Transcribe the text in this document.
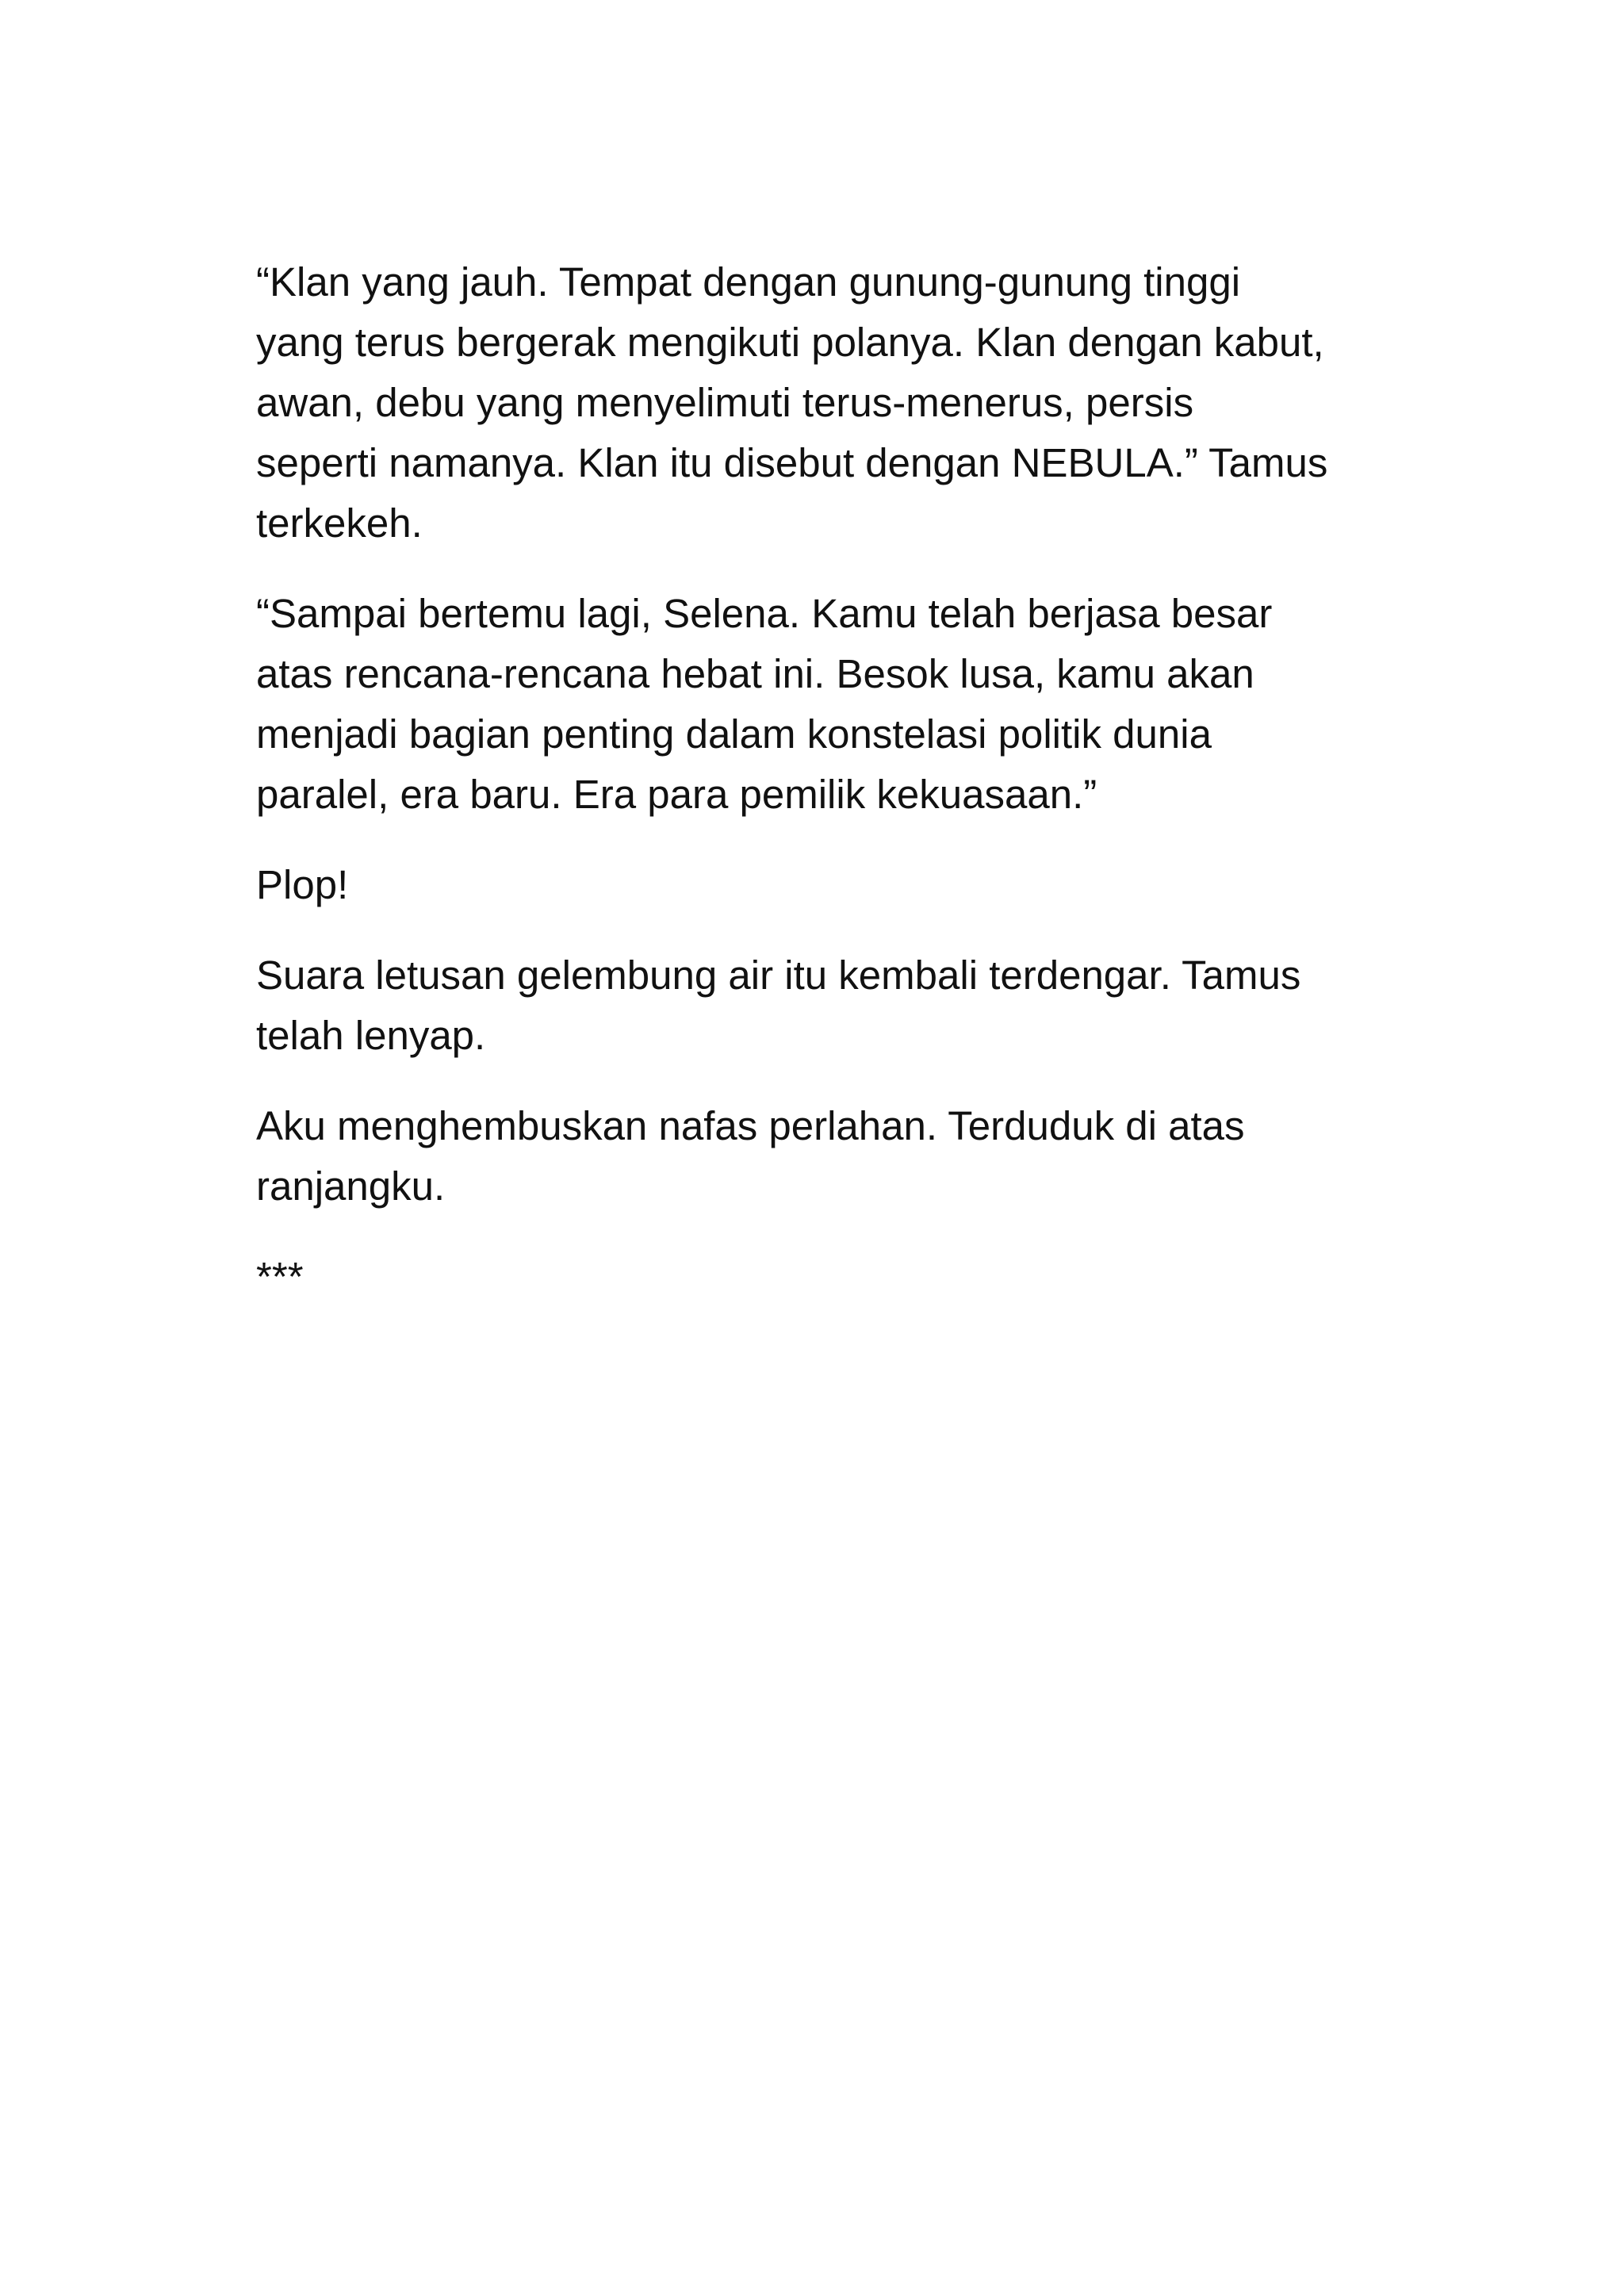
“Klan yang jauh. Tempat dengan gunung-gunung tinggi
yang terus bergerak mengikuti polanya. Klan dengan kabut,
awan, debu yang menyelimuti terus-menerus, persis
seperti namanya. Klan itu disebut dengan NEBULA.” Tamus
terkekeh.

“Sampai bertemu lagi, Selena. Kamu telah berjasa besar
atas rencana-rencana hebat ini. Besok lusa, kamu akan
menjadi bagian penting dalam konstelasi politik dunia
paralel, era baru. Era para pemilik kekuasaan.”

Plop!

Suara letusan gelembung air itu kembali terdengar. Tamus
telah lenyap.

Aku menghembuskan nafas perlahan. Terduduk di atas
ranjangku.

***
